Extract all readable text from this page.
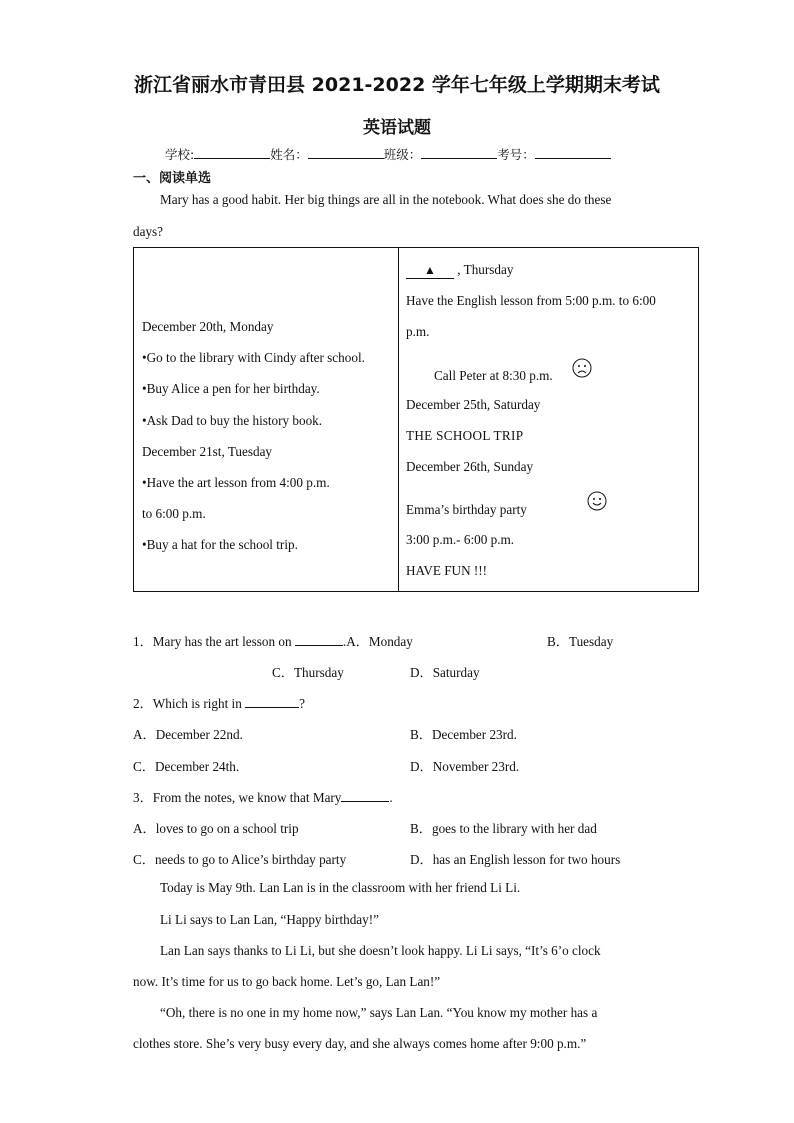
浙江省丽水市青田县 2021-2022 学年七年级上学期期末考试
英语试题
学校:	姓名：	班级：	考号：
一、阅读单选
Mary has a good habit. Her big things are all in the notebook. What does she do these
days?
December 20th, Monday
•Go to the library with Cindy after school.
•Buy Alice a pen for her birthday.
•Ask Dad to buy the history book.
December 21st, Tuesday
•Have the art lesson from 4:00 p.m.
to 6:00 p.m.
•Buy a hat for the school trip.

▲ , Thursday
Have the English lesson from 5:00 p.m. to 6:00
p.m.
Call Peter at 8:30 p.m.
December 25th, Saturday
THE SCHOOL TRIP
December 26th, Sunday
Emma’s birthday party
3:00 p.m.- 6:00 p.m.
HAVE FUN !!!
1．Mary has the art lesson on	.A．Monday	B．Tuesday
C．Thursday	D．Saturday
2．Which is right in	?
A．December 22nd.	B．December 23rd.
C．December 24th.	D．November 23rd.
3．From the notes, we know that Mary	.
A．loves to go on a school trip	B．goes to the library with her dad
C．needs to go to Alice’s birthday party	D．has an English lesson for two hours
Today is May 9th. Lan Lan is in the classroom with her friend Li Li.
Li Li says to Lan Lan, “Happy birthday!”
Lan Lan says thanks to Li Li, but she doesn’t look happy. Li Li says, “It’s 6’o clock
now. It’s time for us to go back home. Let’s go, Lan Lan!”
“Oh, there is no one in my home now,” says Lan Lan. “You know my mother has a
clothes store. She’s very busy every day, and she always comes home after 9:00 p.m.”
